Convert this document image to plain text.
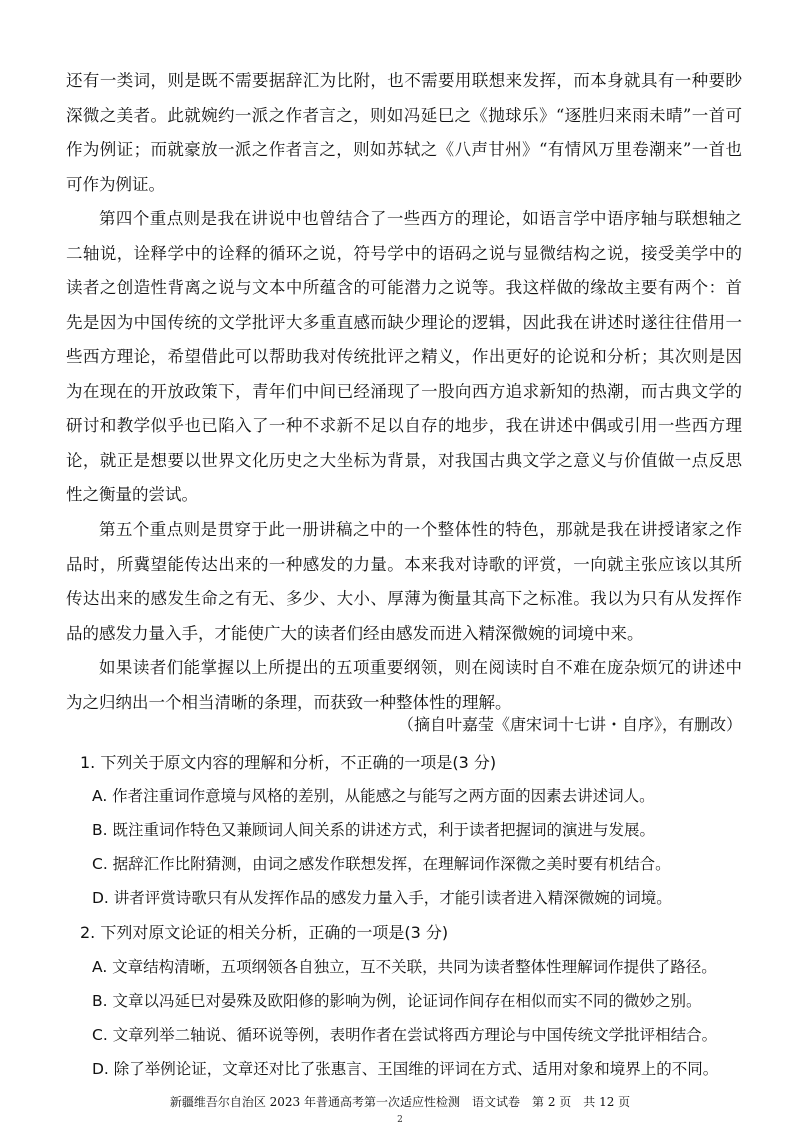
还有一类词，则是既不需要据辞汇为比附，也不需要用联想来发挥，而本身就具有一种要眇深微之美者。此就婉约一派之作者言之，则如冯延巳之《抛球乐》“逐胜归来雨未晴”一首可作为例证；而就豪放一派之作者言之，则如苏轼之《八声甘州》“有情风万里卷潮来”一首也可作为例证。

第四个重点则是我在讲说中也曾结合了一些西方的理论，如语言学中语序轴与联想轴之二轴说，诠释学中的诠释的循环之说，符号学中的语码之说与显微结构之说，接受美学中的读者之创造性背离之说与文本中所蕴含的可能潜力之说等。我这样做的缘故主要有两个：首先是因为中国传统的文学批评大多重直感而缺少理论的逻辑，因此我在讲述时遂往往借用一些西方理论，希望借此可以帮助我对传统批评之精义，作出更好的论说和分析；其次则是因为在现在的开放政策下，青年们中间已经涌现了一股向西方追求新知的热潮，而古典文学的研讨和教学似乎也已陷入了一种不求新不足以自存的地步，我在讲述中偶或引用一些西方理论，就正是想要以世界文化历史之大坐标为背景，对我国古典文学之意义与价值做一点反思性之衡量的尝试。

第五个重点则是贯穿于此一册讲稿之中的一个整体性的特色，那就是我在讲授诸家之作品时，所冀望能传达出来的一种感发的力量。本来我对诗歌的评赏，一向就主张应该以其所传达出来的感发生命之有无、多少、大小、厚薄为衡量其高下之标准。我以为只有从发挥作品的感发力量入手，才能使广大的读者们经由感发而进入精深微婉的词境中来。

如果读者们能掌握以上所提出的五项重要纲领，则在阅读时自不难在庞杂烦冗的讲述中为之归纳出一个相当清晰的条理，而获致一种整体性的理解。

（摘自叶嘉莹《唐宋词十七讲・自序》，有删改）

1. 下列关于原文内容的理解和分析，不正确的一项是(3 分)

A. 作者注重词作意境与风格的差别，从能感之与能写之两方面的因素去讲述词人。

B. 既注重词作特色又兼顾词人间关系的讲述方式，利于读者把握词的演进与发展。

C. 据辞汇作比附猜测，由词之感发作联想发挥，在理解词作深微之美时要有机结合。

D. 讲者评赏诗歌只有从发挥作品的感发力量入手，才能引读者进入精深微婉的词境。

2. 下列对原文论证的相关分析，正确的一项是(3 分)

A. 文章结构清晰，五项纲领各自独立，互不关联，共同为读者整体性理解词作提供了路径。

B. 文章以冯延巳对晏殊及欧阳修的影响为例，论证词作间存在相似而实不同的微妙之别。

C. 文章列举二轴说、循环说等例，表明作者在尝试将西方理论与中国传统文学批评相结合。

D. 除了举例论证，文章还对比了张惠言、王国维的评词在方式、适用对象和境界上的不同。

新疆维吾尔自治区 2023 年普通高考第一次适应性检测　语文试卷　第 2 页　共 12 页

2
